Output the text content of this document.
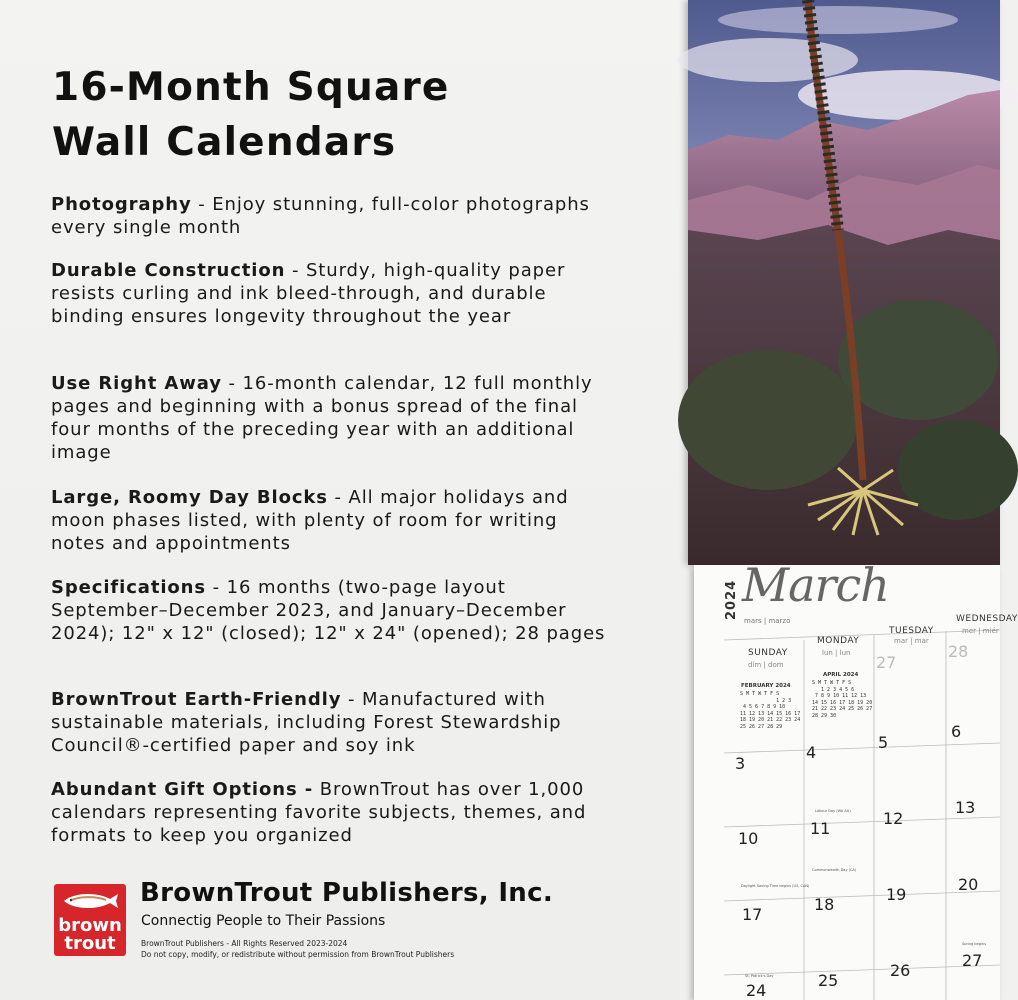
16-Month Square
Wall Calendars
Photography - Enjoy stunning, full-color photographs every single month
Durable Construction - Sturdy, high-quality paper resists curling and ink bleed-through, and durable binding ensures longevity throughout the year
Use Right Away - 16-month calendar, 12 full monthly pages and beginning with a bonus spread of the final four months of the preceding year with an additional image
Large, Roomy Day Blocks - All major holidays and moon phases listed, with plenty of room for writing notes and appointments
Specifications - 16 months (two-page layout September–December 2023, and January–December 2024); 12" x 12" (closed); 12" x 24" (opened); 28 pages
BrownTrout Earth-Friendly - Manufactured with sustainable materials, including Forest Stewardship Council®-certified paper and soy ink
Abundant Gift Options - BrownTrout has over 1,000 calendars representing favorite subjects, themes, and formats to keep you organized
brown
trout
BrownTrout Publishers, Inc.
Connectig People to Their Passions
BrownTrout Publishers - All Rights Reserved 2023-2024
Do not copy, modify, or redistribute without permission from BrownTrout Publishers
2024 March
mars | marzo
SUNDAY
dim | dom
MONDAY
lun | lun
TUESDAY
mar | mar
WEDNESDAY
mer | miér
FEBRUARY 2024
S M T W T F S
1 2 3
4 5 6 7 8 9 10
11 12 13 14 15 16 17
18 19 20 21 22 23 24
25 26 27 28 29
APRIL 2024
S M T W T F S
1 2 3 4 5 6
7 8 9 10 11 12 13
14 15 16 17 18 19 20
21 22 23 24 25 26 27
28 29 30
27
28
3
4
5
6
10
11
12
13
17
18
19
20
24
25
26
27
Labour Day (WA AU)
Daylight Saving Time begins (US, CAN)
Commonwealth Day (CA)
St. Patrick's Day
Spring begins
